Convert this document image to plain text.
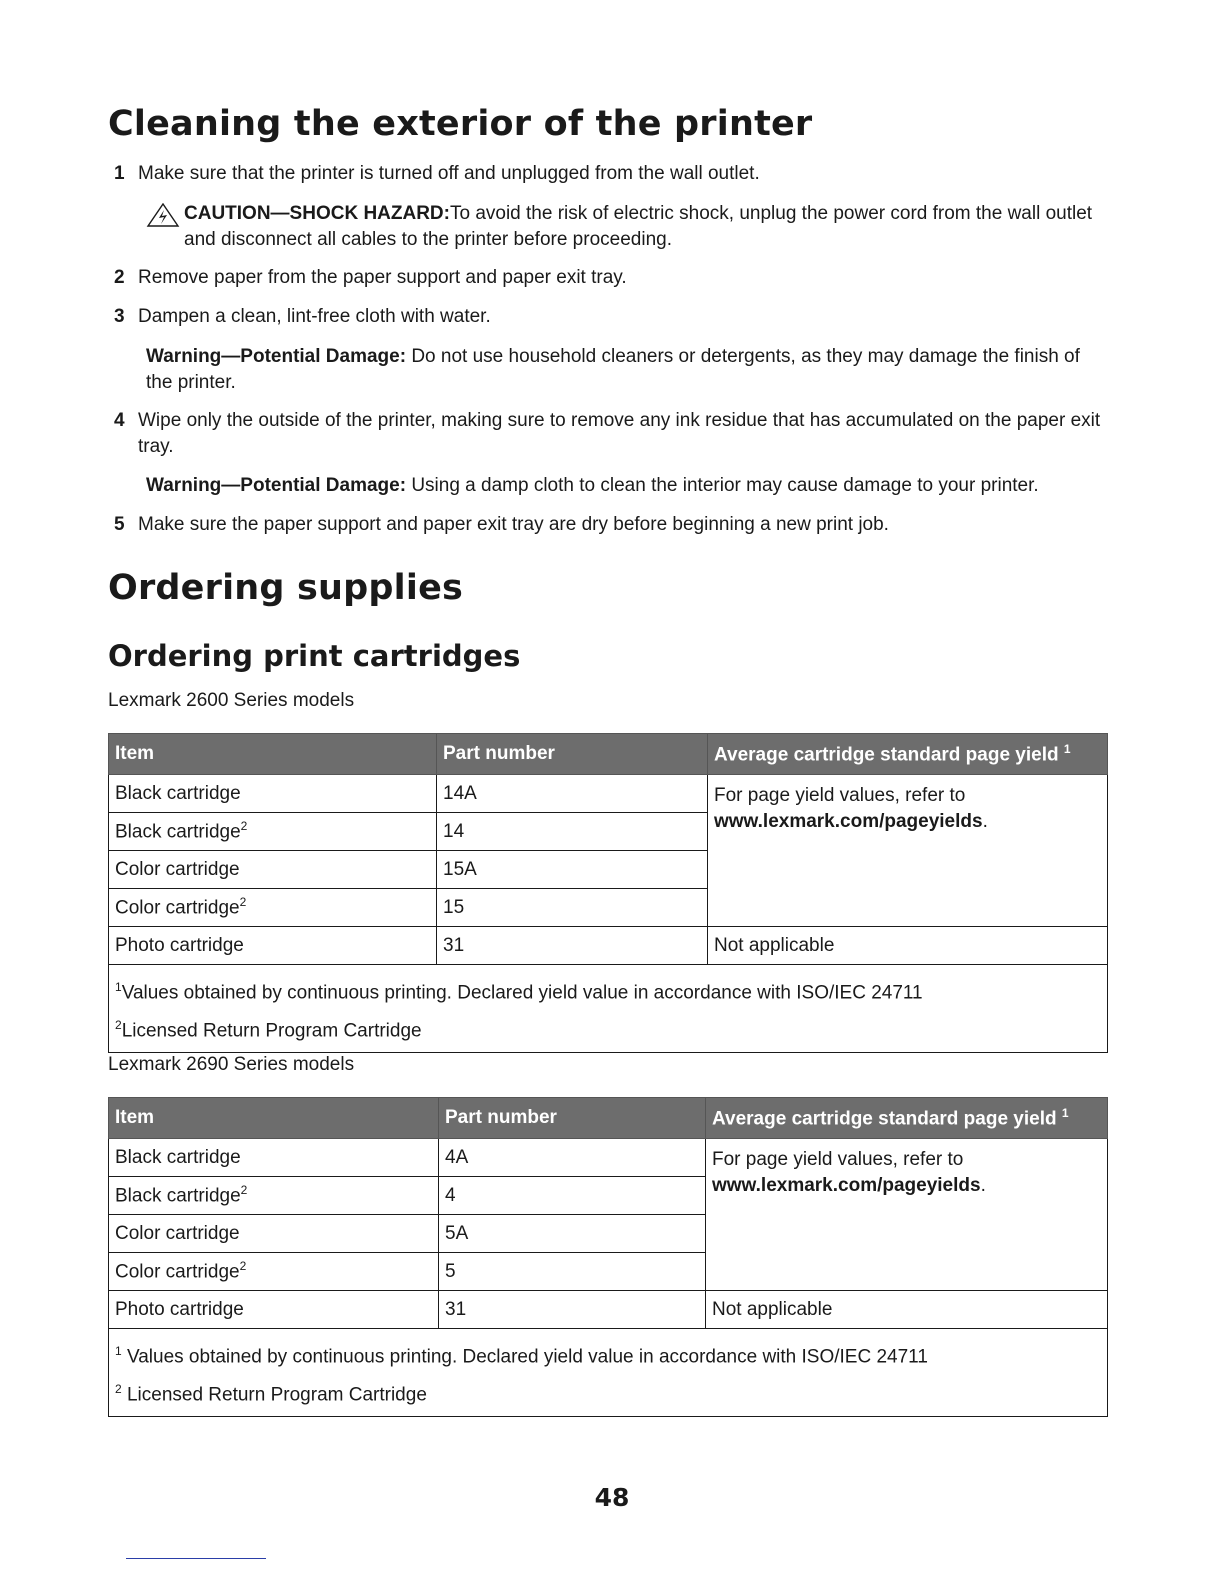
Cleaning the exterior of the printer
1 Make sure that the printer is turned off and unplugged from the wall outlet.
CAUTION—SHOCK HAZARD:To avoid the risk of electric shock, unplug the power cord from the wall outlet and disconnect all cables to the printer before proceeding.
2 Remove paper from the paper support and paper exit tray.
3 Dampen a clean, lint-free cloth with water.
Warning—Potential Damage: Do not use household cleaners or detergents, as they may damage the finish of the printer.
4 Wipe only the outside of the printer, making sure to remove any ink residue that has accumulated on the paper exit tray.
Warning—Potential Damage: Using a damp cloth to clean the interior may cause damage to your printer.
5 Make sure the paper support and paper exit tray are dry before beginning a new print job.
Ordering supplies
Ordering print cartridges
Lexmark 2600 Series models
Item	Part number	Average cartridge standard page yield $^1$
Black cartridge	14A	For page yield values, refer to
www.lexmark.com/pageyields.
Black cartridge$^2$	14	
Color cartridge	15A	
Color cartridge$^2$	15	
Photo cartridge	31	Not applicable
$^1$Values obtained by continuous printing. Declared yield value in accordance with ISO/IEC 24711
$^2$Licensed Return Program Cartridge		
Lexmark 2690 Series models
Item	Part number	Average cartridge standard page yield $^1$
Black cartridge	4A	For page yield values, refer to
www.lexmark.com/pageyields.
Black cartridge$^2$	4	
Color cartridge	5A	
Color cartridge$^2$	5	
Photo cartridge	31	Not applicable
$^1$ Values obtained by continuous printing. Declared yield value in accordance with ISO/IEC 24711
$^2$ Licensed Return Program Cartridge		
48
